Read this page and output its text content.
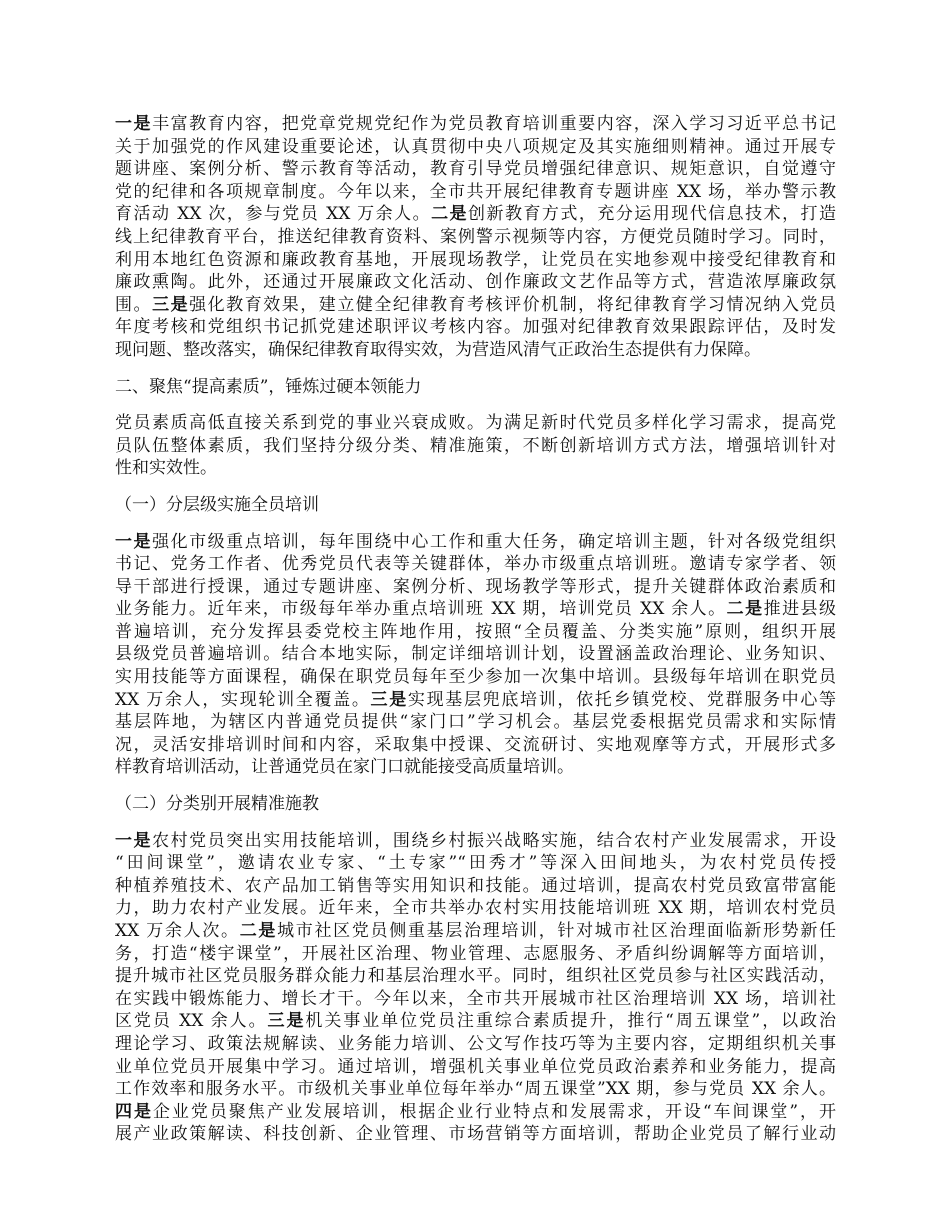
一是丰富教育内容，把党章党规党纪作为党员教育培训重要内容，深入学习习近平总书记
关于加强党的作风建设重要论述，认真贯彻中央八项规定及其实施细则精神。通过开展专
题讲座、案例分析、警示教育等活动，教育引导党员增强纪律意识、规矩意识，自觉遵守
党的纪律和各项规章制度。今年以来，全市共开展纪律教育专题讲座 XX 场，举办警示教
育活动 XX 次，参与党员 XX 万余人。二是创新教育方式，充分运用现代信息技术，打造
线上纪律教育平台，推送纪律教育资料、案例警示视频等内容，方便党员随时学习。同时，
利用本地红色资源和廉政教育基地，开展现场教学，让党员在实地参观中接受纪律教育和
廉政熏陶。此外，还通过开展廉政文化活动、创作廉政文艺作品等方式，营造浓厚廉政氛
围。三是强化教育效果，建立健全纪律教育考核评价机制，将纪律教育学习情况纳入党员
年度考核和党组织书记抓党建述职评议考核内容。加强对纪律教育效果跟踪评估，及时发
现问题、整改落实，确保纪律教育取得实效，为营造风清气正政治生态提供有力保障。
二、聚焦“提高素质”，锤炼过硬本领能力
党员素质高低直接关系到党的事业兴衰成败。为满足新时代党员多样化学习需求，提高党
员队伍整体素质，我们坚持分级分类、精准施策，不断创新培训方式方法，增强培训针对
性和实效性。
（一）分层级实施全员培训
一是强化市级重点培训，每年围绕中心工作和重大任务，确定培训主题，针对各级党组织
书记、党务工作者、优秀党员代表等关键群体，举办市级重点培训班。邀请专家学者、领
导干部进行授课，通过专题讲座、案例分析、现场教学等形式，提升关键群体政治素质和
业务能力。近年来，市级每年举办重点培训班 XX 期，培训党员 XX 余人。二是推进县级
普遍培训，充分发挥县委党校主阵地作用，按照“全员覆盖、分类实施”原则，组织开展
县级党员普遍培训。结合本地实际，制定详细培训计划，设置涵盖政治理论、业务知识、
实用技能等方面课程，确保在职党员每年至少参加一次集中培训。县级每年培训在职党员
XX 万余人，实现轮训全覆盖。三是实现基层兜底培训，依托乡镇党校、党群服务中心等
基层阵地，为辖区内普通党员提供“家门口”学习机会。基层党委根据党员需求和实际情
况，灵活安排培训时间和内容，采取集中授课、交流研讨、实地观摩等方式，开展形式多
样教育培训活动，让普通党员在家门口就能接受高质量培训。
（二）分类别开展精准施教
一是农村党员突出实用技能培训，围绕乡村振兴战略实施，结合农村产业发展需求，开设
“田间课堂”，邀请农业专家、“土专家”“田秀才”等深入田间地头，为农村党员传授
种植养殖技术、农产品加工销售等实用知识和技能。通过培训，提高农村党员致富带富能
力，助力农村产业发展。近年来，全市共举办农村实用技能培训班 XX 期，培训农村党员
XX 万余人次。二是城市社区党员侧重基层治理培训，针对城市社区治理面临新形势新任
务，打造“楼宇课堂”，开展社区治理、物业管理、志愿服务、矛盾纠纷调解等方面培训，
提升城市社区党员服务群众能力和基层治理水平。同时，组织社区党员参与社区实践活动，
在实践中锻炼能力、增长才干。今年以来，全市共开展城市社区治理培训 XX 场，培训社
区党员 XX 余人。三是机关事业单位党员注重综合素质提升，推行“周五课堂”，以政治
理论学习、政策法规解读、业务能力培训、公文写作技巧等为主要内容，定期组织机关事
业单位党员开展集中学习。通过培训，增强机关事业单位党员政治素养和业务能力，提高
工作效率和服务水平。市级机关事业单位每年举办“周五课堂”XX 期，参与党员 XX 余人。
四是企业党员聚焦产业发展培训，根据企业行业特点和发展需求，开设“车间课堂”，开
展产业政策解读、科技创新、企业管理、市场营销等方面培训，帮助企业党员了解行业动
